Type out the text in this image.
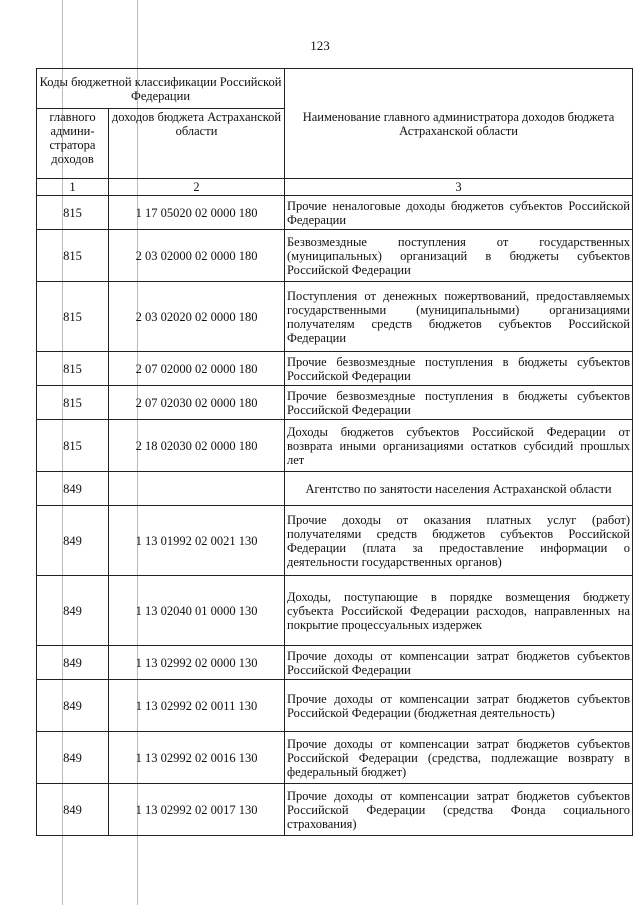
123
Коды бюджетной классификации Российской Федерации		Наименование главного администратора доходов бюджета Астраханской области
главного админи-стратора доходов	доходов бюджета Астраханской области	
1	2	3
815	1 17 05020 02 0000 180	Прочие неналоговые доходы бюджетов субъектов Российской Федерации
815	2 03 02000 02 0000 180	Безвозмездные поступления от государственных (муниципальных) организаций в бюджеты субъектов Российской Федерации
815	2 03 02020 02 0000 180	Поступления от денежных пожертвований, предоставляемых государственными (муниципальными) организациями получателям средств бюджетов субъектов Российской Федерации
815	2 07 02000 02 0000 180	Прочие безвозмездные поступления в бюджеты субъектов Российской Федерации
815	2 07 02030 02 0000 180	Прочие безвозмездные поступления в бюджеты субъектов Российской Федерации
815	2 18 02030 02 0000 180	Доходы бюджетов субъектов Российской Федерации от возврата иными организациями остатков субсидий прошлых лет
849		Агентство по занятости населения Астраханской области
849	1 13 01992 02 0021 130	Прочие доходы от оказания платных услуг (работ) получателями средств бюджетов субъектов Российской Федерации (плата за предоставление информации о деятельности государственных органов)
849	1 13 02040 01 0000 130	Доходы, поступающие в порядке возмещения бюджету субъекта Российской Федерации расходов, направленных на покрытие процессуальных издержек
849	1 13 02992 02 0000 130	Прочие доходы от компенсации затрат бюджетов субъектов Российской Федерации
849	1 13 02992 02 0011 130	Прочие доходы от компенсации затрат бюджетов субъектов Российской Федерации (бюджетная деятельность)
849	1 13 02992 02 0016 130	Прочие доходы от компенсации затрат бюджетов субъектов Российской Федерации (средства, подлежащие возврату в федеральный бюджет)
849	1 13 02992 02 0017 130	Прочие доходы от компенсации затрат бюджетов субъектов Российской Федерации (средства Фонда социального страхования)
